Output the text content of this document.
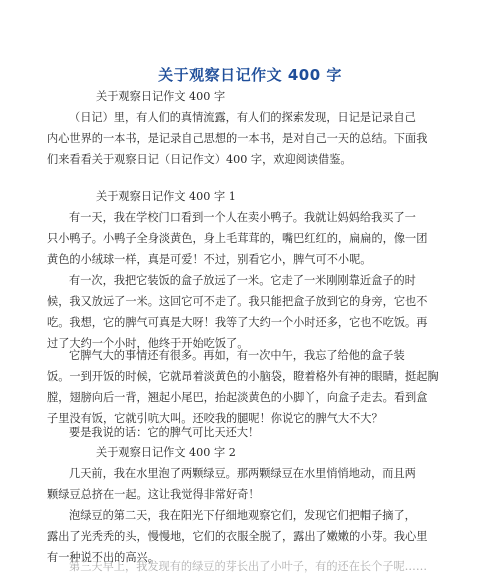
关于观察日记作文 400 字
关于观察日记作文 400 字
（日记）里，有人们的真情流露，有人们的探索发现，日记是记录自己
内心世界的一本书，是记录自己思想的一本书，是对自己一天的总结。下面我
们来看看关于观察日记（日记作文）400 字，欢迎阅读借鉴。
关于观察日记作文 400 字 1
有一天，我在学校门口看到一个人在卖小鸭子。我就让妈妈给我买了一
只小鸭子。小鸭子全身淡黄色，身上毛茸茸的，嘴巴红红的，扁扁的，像一团
黄色的小绒球一样，真是可爱！不过，别看它小，脾气可不小呢。
有一次，我把它装饭的盒子放远了一米。它走了一米刚刚靠近盒子的时
候，我又放远了一米。这回它可不走了。我只能把盒子放到它的身旁，它也不
吃。我想，它的脾气可真是大呀！我等了大约一个小时还多，它也不吃饭。再
过了大约一个小时，他终于开始吃饭了。
它脾气大的事情还有很多。再如，有一次中午，我忘了给他的盒子装
饭。一到开饭的时候，它就昂着淡黄色的小脑袋，瞪着格外有神的眼睛，挺起胸
膛，翅膀向后一背，翘起小尾巴，抬起淡黄色的小脚丫，向盒子走去。看到盒
子里没有饭，它就引吭大叫。还咬我的腿呢！你说它的脾气大不大？
要是我说的话：它的脾气可比天还大！
关于观察日记作文 400 字 2
几天前，我在水里泡了两颗绿豆。那两颗绿豆在水里悄悄地动，而且两
颗绿豆总挤在一起。这让我觉得非常好奇！
泡绿豆的第二天，我在阳光下仔细地观察它们，发现它们把帽子摘了，
露出了光秃秃的头，慢慢地，它们的衣服全脱了，露出了嫩嫩的小芽。我心里
有一种说不出的高兴。
第三天早上，我发现有的绿豆的芽长出了小叶子，有的还在长个子呢……
